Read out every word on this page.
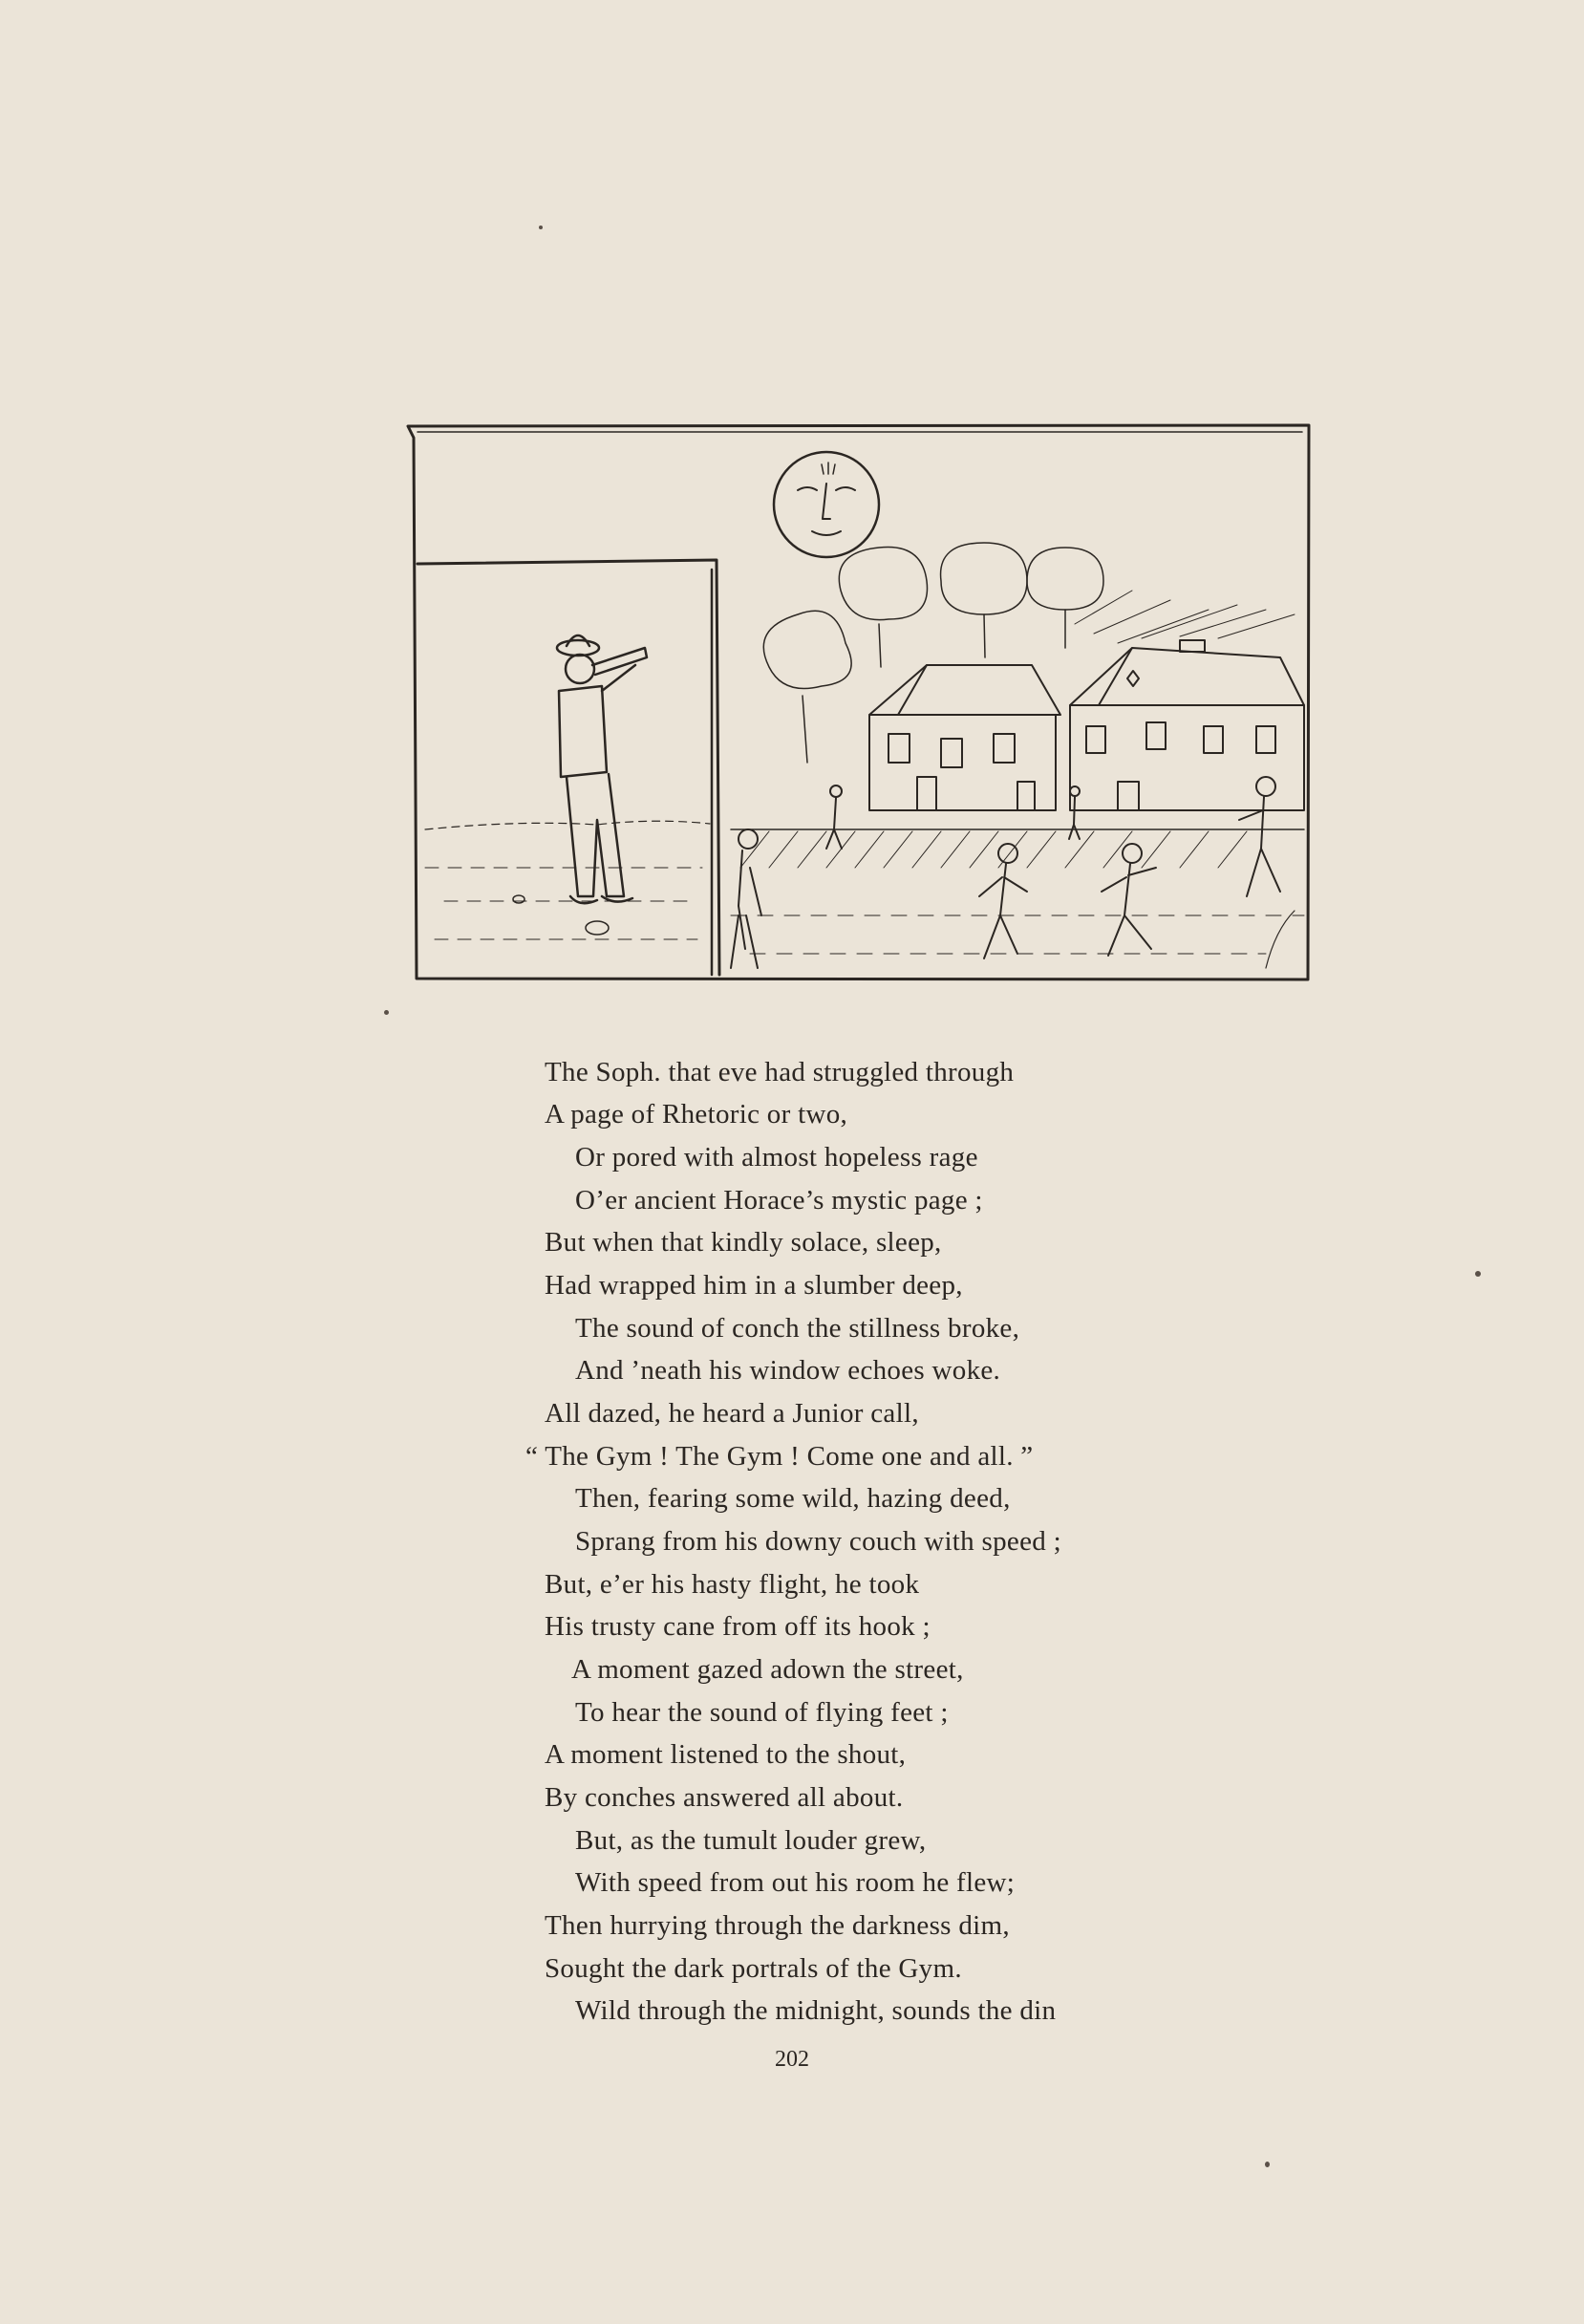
The Soph. that eve had struggled through
A page of Rhetoric or two,
Or pored with almost hopeless rage
O’er ancient Horace’s mystic page ;
But when that kindly solace, sleep,
Had wrapped him in a slumber deep,
The sound of conch the stillness broke,
And ’neath his window echoes woke.
All dazed, he heard a Junior call,
“ The Gym ! The Gym ! Come one and all. ”
Then, fearing some wild, hazing deed,
Sprang from his downy couch with speed ;
But, e’er his hasty flight, he took
His trusty cane from off its hook ;
A moment gazed adown the street,
To hear the sound of flying feet ;
A moment listened to the shout,
By conches answered all about.
But, as the tumult louder grew,
With speed from out his room he flew;
Then hurrying through the darkness dim,
Sought the dark portrals of the Gym.
Wild through the midnight, sounds the din
202
